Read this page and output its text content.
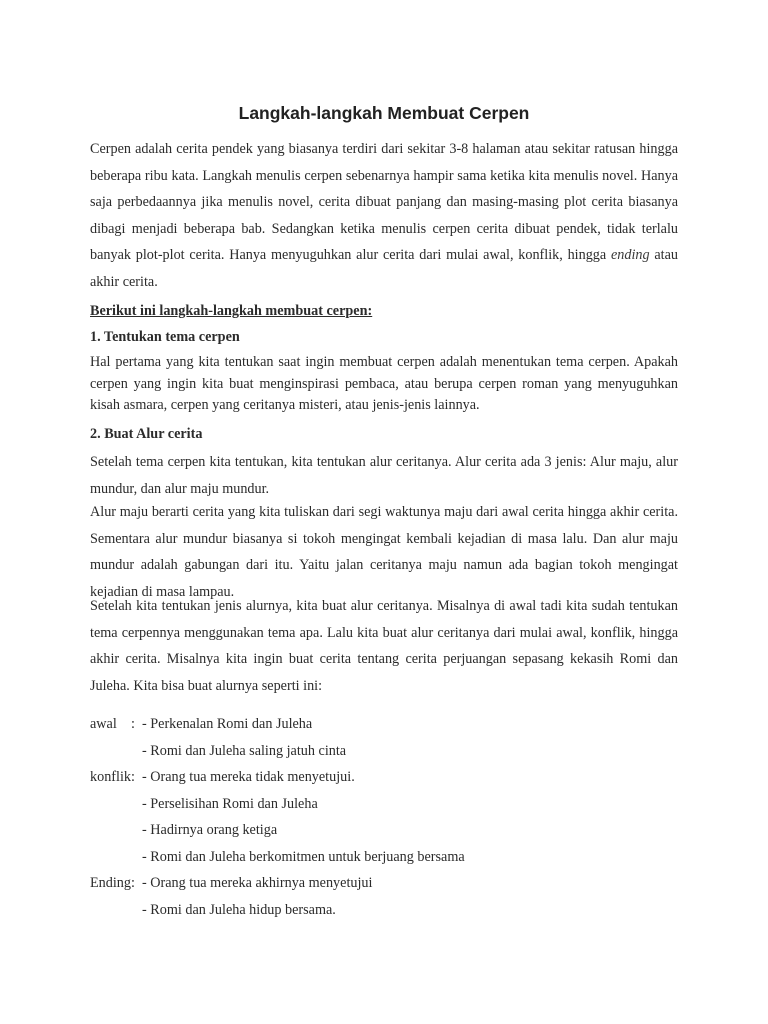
Langkah-langkah Membuat Cerpen

Cerpen adalah cerita pendek yang biasanya terdiri dari sekitar 3-8 halaman atau sekitar ratusan hingga
beberapa ribu kata. Langkah menulis cerpen sebenarnya hampir sama ketika kita menulis novel. Hanya
saja perbedaannya jika menulis novel, cerita dibuat panjang dan masing-masing plot cerita biasanya
dibagi menjadi beberapa bab. Sedangkan ketika menulis cerpen cerita dibuat pendek, tidak terlalu
banyak plot-plot cerita. Hanya menyuguhkan alur cerita dari mulai awal, konflik, hingga ending atau
akhir cerita.

Berikut ini langkah-langkah membuat cerpen:

1. Tentukan tema cerpen

Hal pertama yang kita tentukan saat ingin membuat cerpen adalah menentukan tema cerpen. Apakah
cerpen yang ingin kita buat menginspirasi pembaca, atau berupa cerpen roman yang menyuguhkan
kisah asmara, cerpen yang ceritanya misteri, atau jenis-jenis lainnya.

2. Buat Alur cerita

Setelah tema cerpen kita tentukan, kita tentukan alur ceritanya. Alur cerita ada 3 jenis: Alur maju, alur
mundur, dan alur maju mundur.

Alur maju berarti cerita yang kita tuliskan dari segi waktunya maju dari awal cerita hingga akhir cerita.
Sementara alur mundur biasanya si tokoh mengingat kembali kejadian di masa lalu. Dan alur maju
mundur adalah gabungan dari itu. Yaitu jalan ceritanya maju namun ada bagian tokoh mengingat
kejadian di masa lampau.

Setelah kita tentukan jenis alurnya, kita buat alur ceritanya. Misalnya di awal tadi kita sudah tentukan
tema cerpennya menggunakan tema apa. Lalu kita buat alur ceritanya dari mulai awal, konflik, hingga
akhir cerita. Misalnya kita ingin buat cerita tentang cerita perjuangan sepasang kekasih Romi dan
Juleha. Kita bisa buat alurnya seperti ini:

awal    : - Perkenalan Romi dan Juleha
- Romi dan Juleha saling jatuh cinta
konflik: - Orang tua mereka tidak menyetujui.
- Perselisihan Romi dan Juleha
- Hadirnya orang ketiga
- Romi dan Juleha berkomitmen untuk berjuang bersama
Ending: - Orang tua mereka akhirnya menyetujui
- Romi dan Juleha hidup bersama.
